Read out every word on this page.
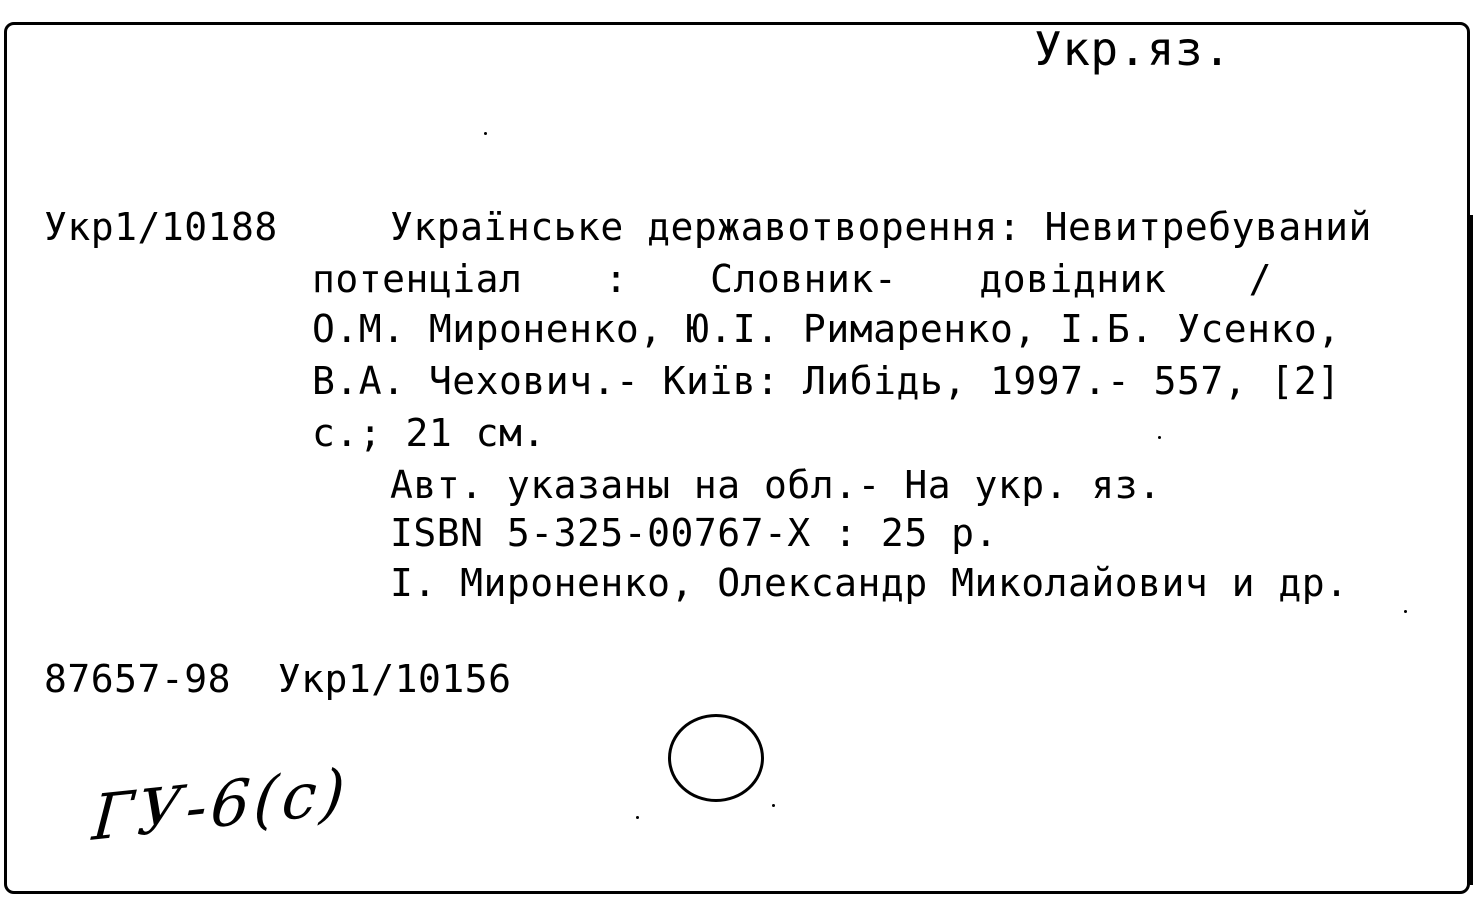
Укр.яз.
Укр1/10188	Українське державотворення: Невитребуваний
потенціал : Словник- довідник /
О.М. Мироненко, Ю.І. Римаренко, І.Б. Усенко,
В.А. Чехович.- Київ: Либідь, 1997.- 557, [2]
с.; 21 см.
Авт. указаны на обл.- На укр. яз.
ISBN 5-325-00767-X : 25 р.
I. Мироненко, Олександр Миколайович и др.
87657-98  Укр1/10156
ГУ-6(с)
